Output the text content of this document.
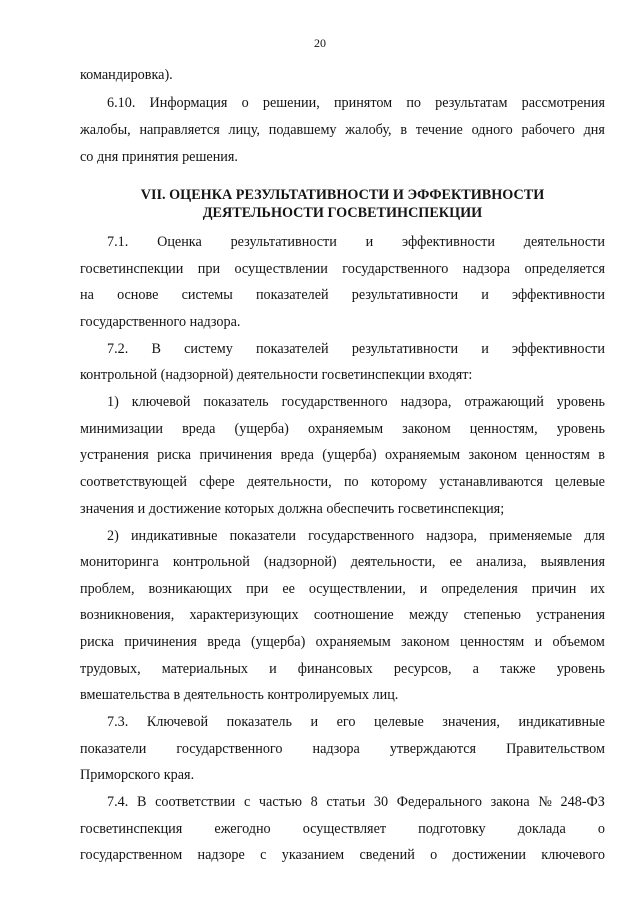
20
командировка).
6.10. Информация о решении, принятом по результатам рассмотрения
жалобы, направляется лицу, подавшему жалобу, в течение одного рабочего дня
со дня принятия решения.
VII. ОЦЕНКА РЕЗУЛЬТАТИВНОСТИ И ЭФФЕКТИВНОСТИ
ДЕЯТЕЛЬНОСТИ ГОСВЕТИНСПЕКЦИИ
7.1. Оценка результативности и эффективности деятельности
госветинспекции при осуществлении государственного надзора определяется
на основе системы показателей результативности и эффективности
государственного надзора.
7.2. В систему показателей результативности и эффективности
контрольной (надзорной) деятельности госветинспекции входят:
1) ключевой показатель государственного надзора, отражающий уровень
минимизации вреда (ущерба) охраняемым законом ценностям, уровень
устранения риска причинения вреда (ущерба) охраняемым законом ценностям в
соответствующей сфере деятельности, по которому устанавливаются целевые
значения и достижение которых должна обеспечить госветинспекция;
2) индикативные показатели государственного надзора, применяемые для
мониторинга контрольной (надзорной) деятельности, ее анализа, выявления
проблем, возникающих при ее осуществлении, и определения причин их
возникновения, характеризующих соотношение между степенью устранения
риска причинения вреда (ущерба) охраняемым законом ценностям и объемом
трудовых, материальных и финансовых ресурсов, а также уровень
вмешательства в деятельность контролируемых лиц.
7.3. Ключевой показатель и его целевые значения, индикативные
показатели государственного надзора утверждаются Правительством
Приморского края.
7.4. В соответствии с частью 8 статьи 30 Федерального закона № 248-ФЗ
госветинспекция ежегодно осуществляет подготовку доклада о
государственном надзоре с указанием сведений о достижении ключевого
